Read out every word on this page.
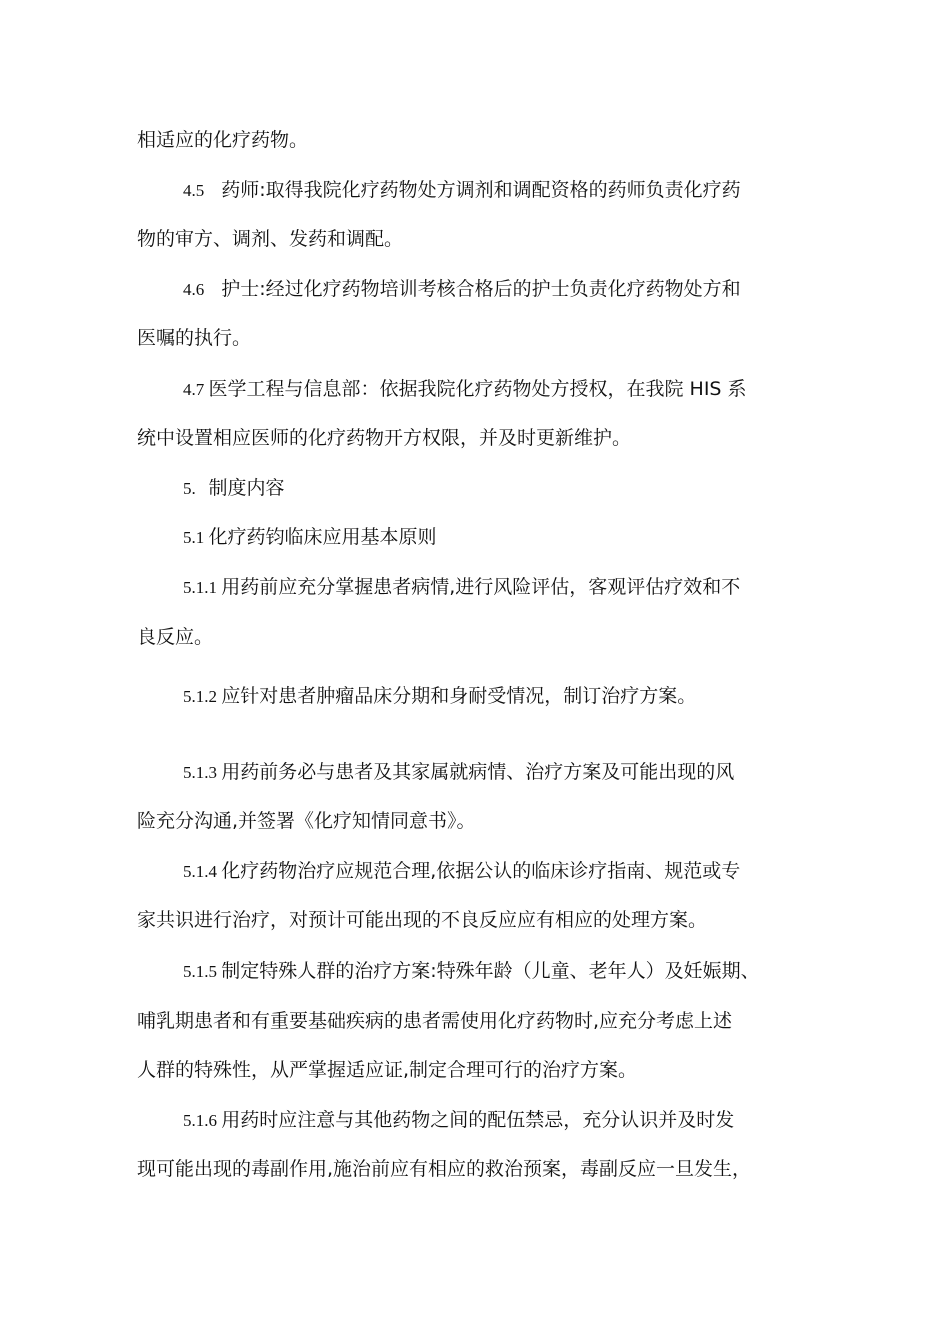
相适应的化疗药物。
4.5    药师:取得我院化疗药物处方调剂和调配资格的药师负责化疗药
物的审方、调剂、发药和调配。
4.6    护士:经过化疗药物培训考核合格后的护士负责化疗药物处方和
医嘱的执行。
4.7 医学工程与信息部：依据我院化疗药物处方授权，在我院 HIS 系
统中设置相应医师的化疗药物开方权限，并及时更新维护。
5.   制度内容
5.1 化疗药钧临床应用基本原则
5.1.1 用药前应充分掌握患者病情,进行风险评估，客观评估疗效和不
良反应。
5.1.2 应针对患者肿瘤品床分期和身耐受情况，制订治疗方案。
5.1.3 用药前务必与患者及其家属就病情、治疗方案及可能出现的风
险充分沟通,并签署《化疗知情同意书》。
5.1.4 化疗药物治疗应规范合理,依据公认的临床诊疗指南、规范或专
家共识进行治疗，对预计可能出现的不良反应应有相应的处理方案。
5.1.5 制定特殊人群的治疗方案:特殊年龄（儿童、老年人）及妊娠期、
哺乳期患者和有重要基础疾病的患者需使用化疗药物时,应充分考虑上述
人群的特殊性，从严掌握适应证,制定合理可行的治疗方案。
5.1.6 用药时应注意与其他药物之间的配伍禁忌，充分认识并及时发
现可能出现的毒副作用,施治前应有相应的救治预案，毒副反应一旦发生，
